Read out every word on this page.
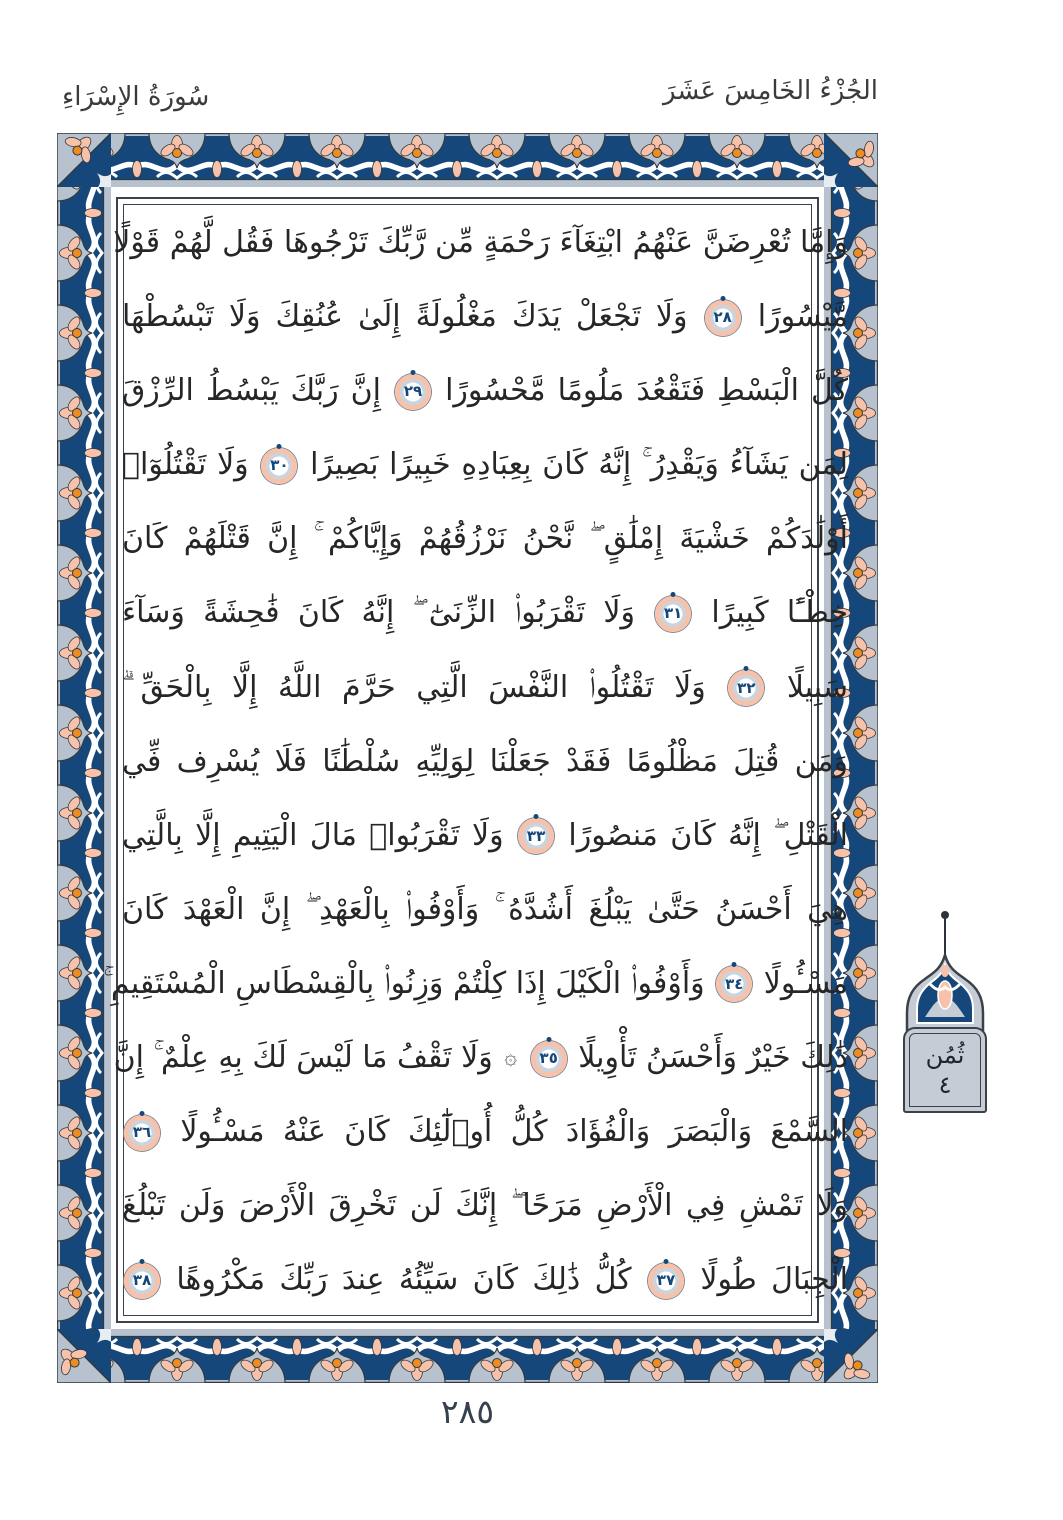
سُورَةُ الإِسْرَاءِ	الجُزْءُ الخَامِسَ عَشَرَ
وَإِمَّا تُعْرِضَنَّ عَنْهُمُ ابْتِغَآءَ رَحْمَةٍ مِّن رَّبِّكَ تَرْجُوهَا فَقُل لَّهُمْ قَوْلًا
مَّيْسُورًا
٢٨
وَلَا تَجْعَلْ يَدَكَ مَغْلُولَةً إِلَىٰ عُنُقِكَ وَلَا تَبْسُطْهَا
كُلَّ الْبَسْطِ فَتَقْعُدَ مَلُومًا مَّحْسُورًا
٢٩
إِنَّ رَبَّكَ يَبْسُطُ الرِّزْقَ
لِمَن يَشَآءُ وَيَقْدِرُ ۚ إِنَّهُ كَانَ بِعِبَادِهِ خَبِيرًا بَصِيرًا
٣٠
وَلَا تَقْتُلُوٓا۟
أَوْلَٰدَكُمْ خَشْيَةَ إِمْلَٰقٍ ۖ نَّحْنُ نَرْزُقُهُمْ وَإِيَّاكُمْ ۚ إِنَّ قَتْلَهُمْ كَانَ
خِطْـًٔا كَبِيرًا
٣١
وَلَا تَقْرَبُوا۟ الزِّنَىٰٓ ۖ إِنَّهُ كَانَ فَٰحِشَةً وَسَآءَ
سَبِيلًا
٣٢
وَلَا تَقْتُلُوا۟ النَّفْسَ الَّتِي حَرَّمَ اللَّهُ إِلَّا بِالْحَقِّ ۗ
وَمَن قُتِلَ مَظْلُومًا فَقَدْ جَعَلْنَا لِوَلِيِّهِ سُلْطَٰنًا فَلَا يُسْرِف فِّي
الْقَتْلِ ۖ إِنَّهُ كَانَ مَنصُورًا
٣٣
وَلَا تَقْرَبُوا۟ مَالَ الْيَتِيمِ إِلَّا بِالَّتِي
هِيَ أَحْسَنُ حَتَّىٰ يَبْلُغَ أَشُدَّهُ ۚ وَأَوْفُوا۟ بِالْعَهْدِ ۖ إِنَّ الْعَهْدَ كَانَ
مَسْـُٔولًا
٣٤
وَأَوْفُوا۟ الْكَيْلَ إِذَا كِلْتُمْ وَزِنُوا۟ بِالْقِسْطَاسِ الْمُسْتَقِيمِ ۚ
ذَٰلِكَ خَيْرٌ وَأَحْسَنُ تَأْوِيلًا
٣٥
۞ وَلَا تَقْفُ مَا لَيْسَ لَكَ بِهِ عِلْمٌ ۚ إِنَّ
السَّمْعَ وَالْبَصَرَ وَالْفُؤَادَ كُلُّ أُو۟لَٰٓئِكَ كَانَ عَنْهُ مَسْـُٔولًا
٣٦
وَلَا تَمْشِ فِي الْأَرْضِ مَرَحًا ۖ إِنَّكَ لَن تَخْرِقَ الْأَرْضَ وَلَن تَبْلُغَ
الْجِبَالَ طُولًا
٣٧
كُلُّ ذَٰلِكَ كَانَ سَيِّئُهُ عِندَ رَبِّكَ مَكْرُوهًا
٣٨
ثُمُن
٤
٢٨٥
